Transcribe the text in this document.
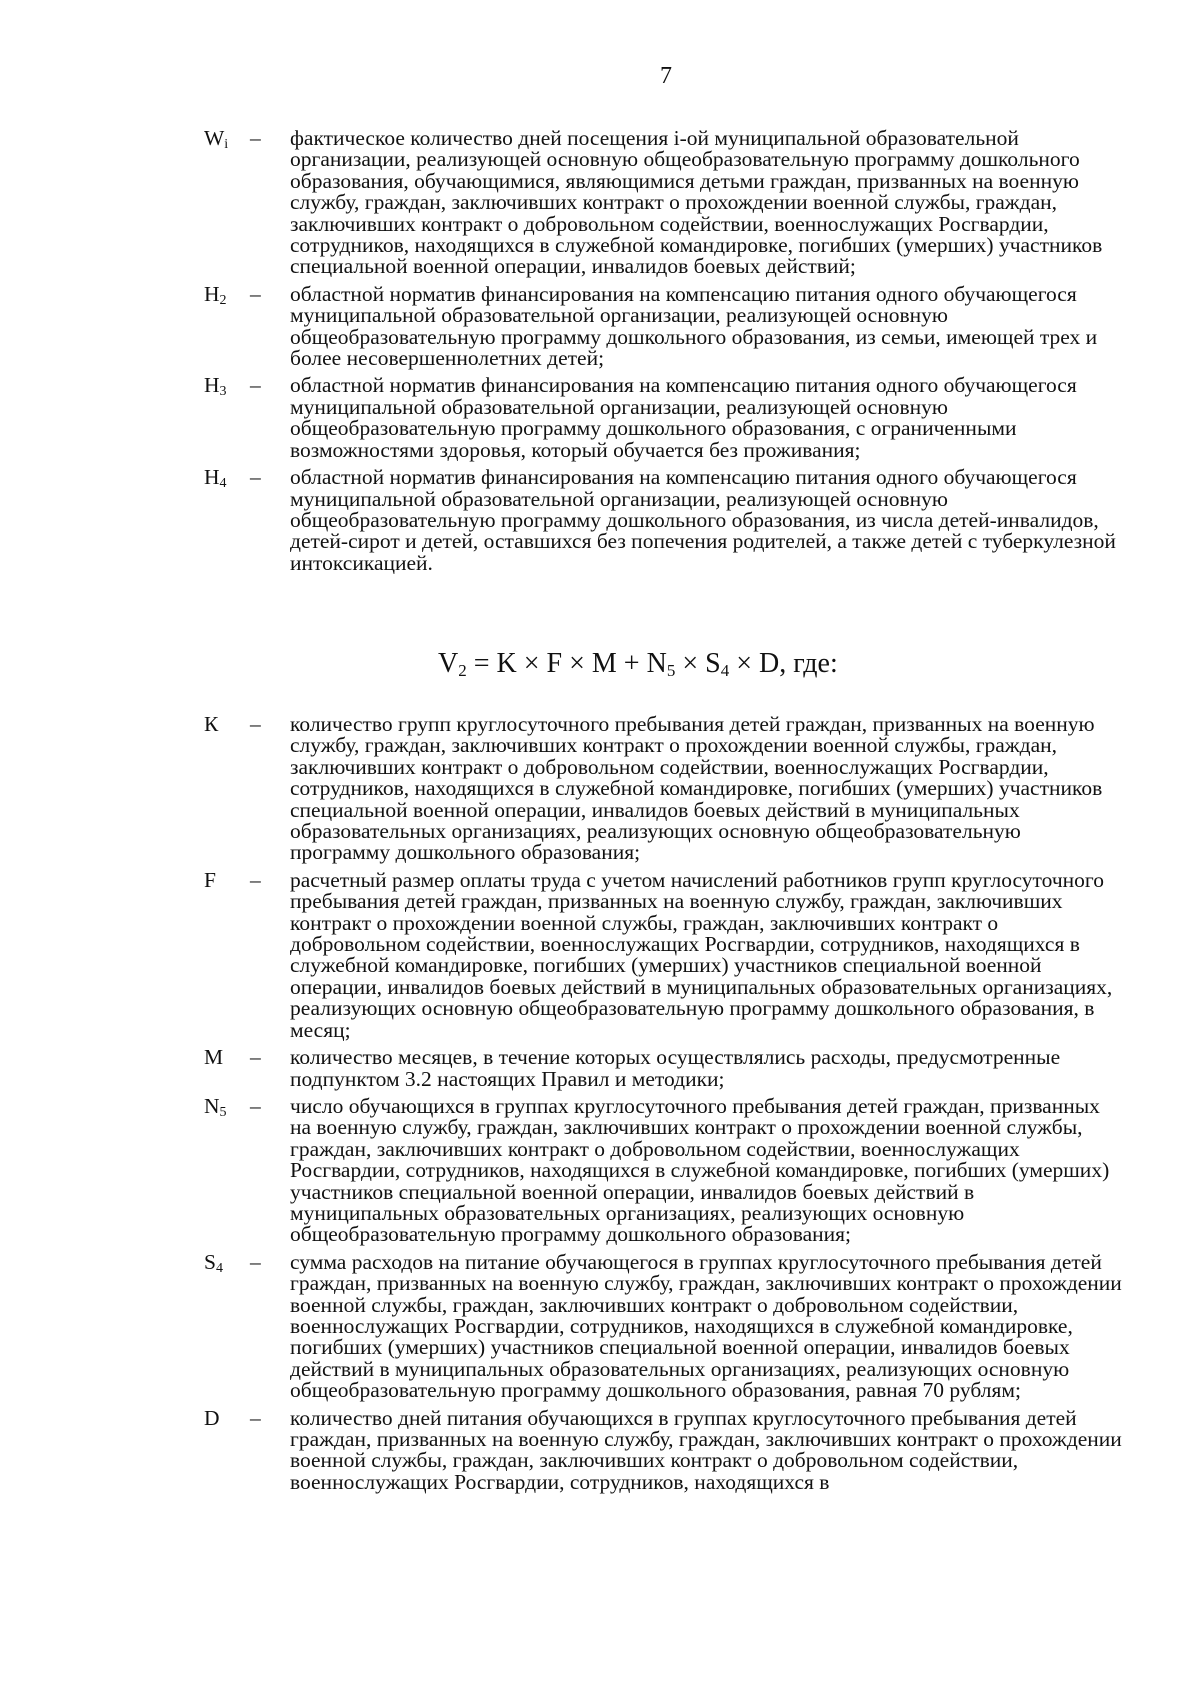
7
$W_i$	–	фактическое количество дней посещения i-ой муниципальной образовательной организации, реализующей основную общеобразовательную программу дошкольного образования, обучающимися, являющимися детьми граждан, призванных на военную службу, граждан, заключивших контракт о прохождении военной службы, граждан, заключивших контракт о добровольном содействии, военнослужащих Росгвардии, сотрудников, находящихся в служебной командировке, погибших (умерших) участников специальной военной операции, инвалидов боевых действий;
$Н_2$	–	областной норматив финансирования на компенсацию питания одного обучающегося муниципальной образовательной организации, реализующей основную общеобразовательную программу дошкольного образования, из семьи, имеющей трех и более несовершеннолетних детей;
$Н_3$	–	областной норматив финансирования на компенсацию питания одного обучающегося муниципальной образовательной организации, реализующей основную общеобразовательную программу дошкольного образования, с ограниченными возможностями здоровья, который обучается без проживания;
$Н_4$	–	областной норматив финансирования на компенсацию питания одного обучающегося муниципальной образовательной организации, реализующей основную общеобразовательную программу дошкольного образования, из числа детей-инвалидов, детей-сирот и детей, оставшихся без попечения родителей, а также детей с туберкулезной интоксикацией.
$V_2 = K \times F \times M + N_5 \times S_4 \times D$, где:
К	–	количество групп круглосуточного пребывания детей граждан, призванных на военную службу, граждан, заключивших контракт о прохождении военной службы, граждан, заключивших контракт о добровольном содействии, военнослужащих Росгвардии, сотрудников, находящихся в служебной командировке, погибших (умерших) участников специальной военной операции, инвалидов боевых действий в муниципальных образовательных организациях, реализующих основную общеобразовательную программу дошкольного образования;
F	–	расчетный размер оплаты труда с учетом начислений работников групп круглосуточного пребывания детей граждан, призванных на военную службу, граждан, заключивших контракт о прохождении военной службы, граждан, заключивших контракт о добровольном содействии, военнослужащих Росгвардии, сотрудников, находящихся в служебной командировке, погибших (умерших) участников специальной военной операции, инвалидов боевых действий в муниципальных образовательных организациях, реализующих основную общеобразовательную программу дошкольного образования, в месяц;
M	–	количество месяцев, в течение которых осуществлялись расходы, предусмотренные подпунктом 3.2 настоящих Правил и методики;
$N_5$	–	число обучающихся в группах круглосуточного пребывания детей граждан, призванных на военную службу, граждан, заключивших контракт о прохождении военной службы, граждан, заключивших контракт о добровольном содействии, военнослужащих Росгвардии, сотрудников, находящихся в служебной командировке, погибших (умерших) участников специальной военной операции, инвалидов боевых действий в муниципальных образовательных организациях, реализующих основную общеобразовательную программу дошкольного образования;
$S_4$	–	сумма расходов на питание обучающегося в группах круглосуточного пребывания детей граждан, призванных на военную службу, граждан, заключивших контракт о прохождении военной службы, граждан, заключивших контракт о добровольном содействии, военнослужащих Росгвардии, сотрудников, находящихся в служебной командировке, погибших (умерших) участников специальной военной операции, инвалидов боевых действий в муниципальных образовательных организациях, реализующих основную общеобразовательную программу дошкольного образования, равная 70 рублям;
D	–	количество дней питания обучающихся в группах круглосуточного пребывания детей граждан, призванных на военную службу, граждан, заключивших контракт о прохождении военной службы, граждан, заключивших контракт о добровольном содействии, военнослужащих Росгвардии, сотрудников, находящихся в
